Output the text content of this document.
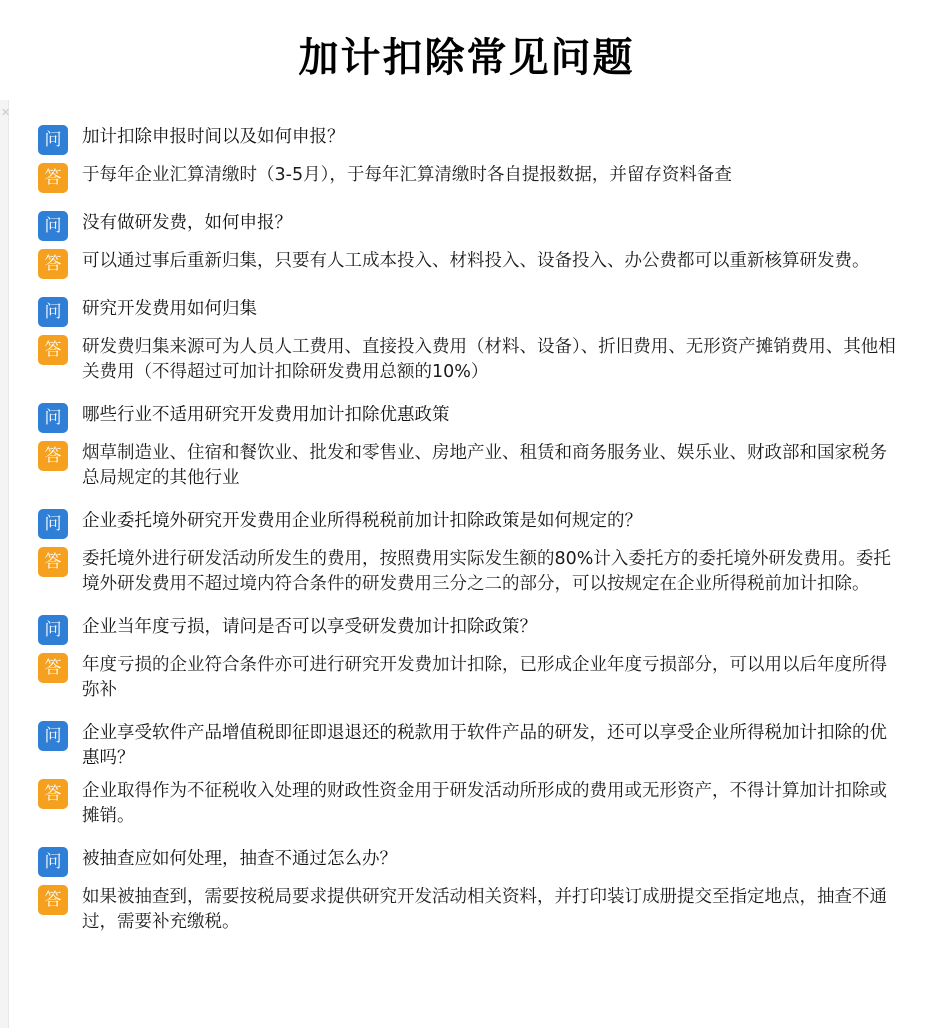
✕
加计扣除常见问题
问	加计扣除申报时间以及如何申报？
答	于每年企业汇算清缴时（3-5月），于每年汇算清缴时各自提报数据，并留存资料备查
问	没有做研发费，如何申报？
答	可以通过事后重新归集，只要有人工成本投入、材料投入、设备投入、办公费都可以重新核算研发费。
问	研究开发费用如何归集
答	研发费归集来源可为人员人工费用、直接投入费用（材料、设备）、折旧费用、无形资产摊销费用、其他相关费用（不得超过可加计扣除研发费用总额的10%）
问	哪些行业不适用研究开发费用加计扣除优惠政策
答	烟草制造业、住宿和餐饮业、批发和零售业、房地产业、租赁和商务服务业、娱乐业、财政部和国家税务总局规定的其他行业
问	企业委托境外研究开发费用企业所得税税前加计扣除政策是如何规定的？
答	委托境外进行研发活动所发生的费用，按照费用实际发生额的80%计入委托方的委托境外研发费用。委托境外研发费用不超过境内符合条件的研发费用三分之二的部分，可以按规定在企业所得税前加计扣除。
问	企业当年度亏损，请问是否可以享受研发费加计扣除政策？
答	年度亏损的企业符合条件亦可进行研究开发费加计扣除，已形成企业年度亏损部分，可以用以后年度所得弥补
问	企业享受软件产品增值税即征即退退还的税款用于软件产品的研发，还可以享受企业所得税加计扣除的优惠吗？
答	企业取得作为不征税收入处理的财政性资金用于研发活动所形成的费用或无形资产，不得计算加计扣除或摊销。
问	被抽查应如何处理，抽查不通过怎么办？
答	如果被抽查到，需要按税局要求提供研究开发活动相关资料，并打印装订成册提交至指定地点，抽查不通过，需要补充缴税。
